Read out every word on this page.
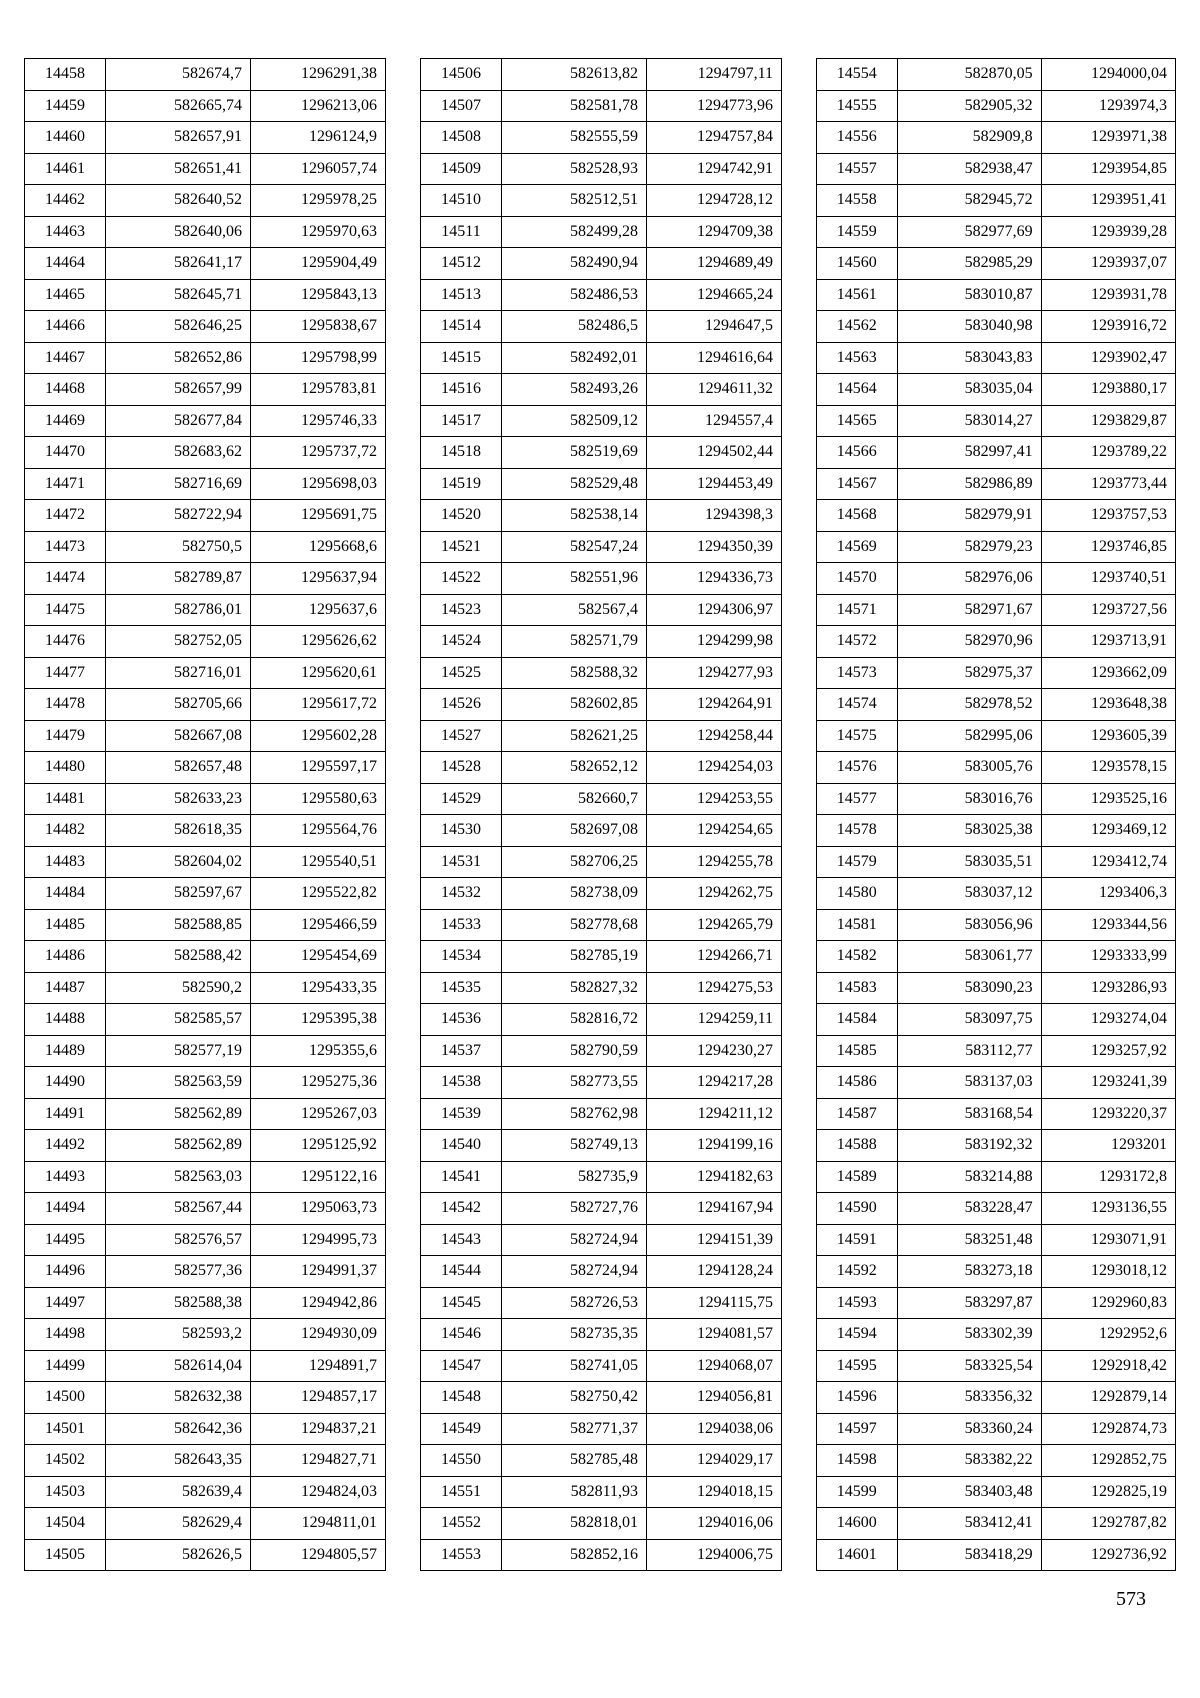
14458	582674,7	1296291,38
14459	582665,74	1296213,06
14460	582657,91	1296124,9
14461	582651,41	1296057,74
14462	582640,52	1295978,25
14463	582640,06	1295970,63
14464	582641,17	1295904,49
14465	582645,71	1295843,13
14466	582646,25	1295838,67
14467	582652,86	1295798,99
14468	582657,99	1295783,81
14469	582677,84	1295746,33
14470	582683,62	1295737,72
14471	582716,69	1295698,03
14472	582722,94	1295691,75
14473	582750,5	1295668,6
14474	582789,87	1295637,94
14475	582786,01	1295637,6
14476	582752,05	1295626,62
14477	582716,01	1295620,61
14478	582705,66	1295617,72
14479	582667,08	1295602,28
14480	582657,48	1295597,17
14481	582633,23	1295580,63
14482	582618,35	1295564,76
14483	582604,02	1295540,51
14484	582597,67	1295522,82
14485	582588,85	1295466,59
14486	582588,42	1295454,69
14487	582590,2	1295433,35
14488	582585,57	1295395,38
14489	582577,19	1295355,6
14490	582563,59	1295275,36
14491	582562,89	1295267,03
14492	582562,89	1295125,92
14493	582563,03	1295122,16
14494	582567,44	1295063,73
14495	582576,57	1294995,73
14496	582577,36	1294991,37
14497	582588,38	1294942,86
14498	582593,2	1294930,09
14499	582614,04	1294891,7
14500	582632,38	1294857,17
14501	582642,36	1294837,21
14502	582643,35	1294827,71
14503	582639,4	1294824,03
14504	582629,4	1294811,01
14505	582626,5	1294805,57
14506	582613,82	1294797,11
14507	582581,78	1294773,96
14508	582555,59	1294757,84
14509	582528,93	1294742,91
14510	582512,51	1294728,12
14511	582499,28	1294709,38
14512	582490,94	1294689,49
14513	582486,53	1294665,24
14514	582486,5	1294647,5
14515	582492,01	1294616,64
14516	582493,26	1294611,32
14517	582509,12	1294557,4
14518	582519,69	1294502,44
14519	582529,48	1294453,49
14520	582538,14	1294398,3
14521	582547,24	1294350,39
14522	582551,96	1294336,73
14523	582567,4	1294306,97
14524	582571,79	1294299,98
14525	582588,32	1294277,93
14526	582602,85	1294264,91
14527	582621,25	1294258,44
14528	582652,12	1294254,03
14529	582660,7	1294253,55
14530	582697,08	1294254,65
14531	582706,25	1294255,78
14532	582738,09	1294262,75
14533	582778,68	1294265,79
14534	582785,19	1294266,71
14535	582827,32	1294275,53
14536	582816,72	1294259,11
14537	582790,59	1294230,27
14538	582773,55	1294217,28
14539	582762,98	1294211,12
14540	582749,13	1294199,16
14541	582735,9	1294182,63
14542	582727,76	1294167,94
14543	582724,94	1294151,39
14544	582724,94	1294128,24
14545	582726,53	1294115,75
14546	582735,35	1294081,57
14547	582741,05	1294068,07
14548	582750,42	1294056,81
14549	582771,37	1294038,06
14550	582785,48	1294029,17
14551	582811,93	1294018,15
14552	582818,01	1294016,06
14553	582852,16	1294006,75
14554	582870,05	1294000,04
14555	582905,32	1293974,3
14556	582909,8	1293971,38
14557	582938,47	1293954,85
14558	582945,72	1293951,41
14559	582977,69	1293939,28
14560	582985,29	1293937,07
14561	583010,87	1293931,78
14562	583040,98	1293916,72
14563	583043,83	1293902,47
14564	583035,04	1293880,17
14565	583014,27	1293829,87
14566	582997,41	1293789,22
14567	582986,89	1293773,44
14568	582979,91	1293757,53
14569	582979,23	1293746,85
14570	582976,06	1293740,51
14571	582971,67	1293727,56
14572	582970,96	1293713,91
14573	582975,37	1293662,09
14574	582978,52	1293648,38
14575	582995,06	1293605,39
14576	583005,76	1293578,15
14577	583016,76	1293525,16
14578	583025,38	1293469,12
14579	583035,51	1293412,74
14580	583037,12	1293406,3
14581	583056,96	1293344,56
14582	583061,77	1293333,99
14583	583090,23	1293286,93
14584	583097,75	1293274,04
14585	583112,77	1293257,92
14586	583137,03	1293241,39
14587	583168,54	1293220,37
14588	583192,32	1293201
14589	583214,88	1293172,8
14590	583228,47	1293136,55
14591	583251,48	1293071,91
14592	583273,18	1293018,12
14593	583297,87	1292960,83
14594	583302,39	1292952,6
14595	583325,54	1292918,42
14596	583356,32	1292879,14
14597	583360,24	1292874,73
14598	583382,22	1292852,75
14599	583403,48	1292825,19
14600	583412,41	1292787,82
14601	583418,29	1292736,92
573
